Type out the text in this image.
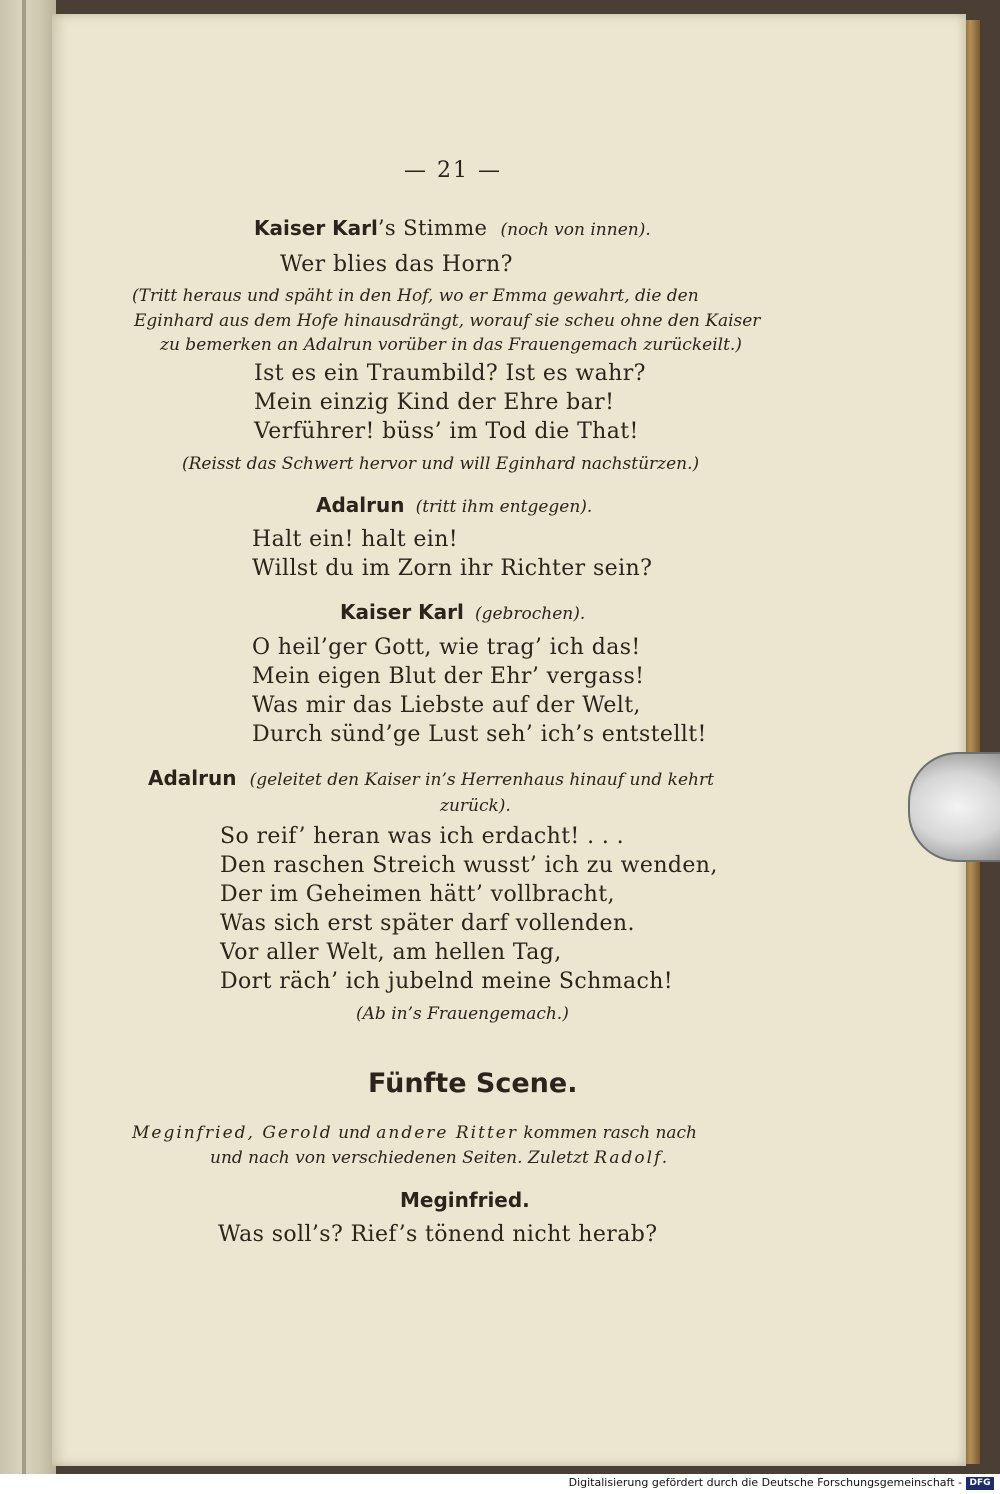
— 21 —
Kaiser Karl’s Stimme (noch von innen).
Wer blies das Horn?
(Tritt heraus und späht in den Hof, wo er Emma gewahrt, die den
Eginhard aus dem Hofe hinausdrängt, worauf sie scheu ohne den Kaiser
zu bemerken an Adalrun vorüber in das Frauengemach zurückeilt.)
Ist es ein Traumbild? Ist es wahr?
Mein einzig Kind der Ehre bar!
Verführer! büss’ im Tod die That!
(Reisst das Schwert hervor und will Eginhard nachstürzen.)
Adalrun (tritt ihm entgegen).
Halt ein! halt ein!
Willst du im Zorn ihr Richter sein?
Kaiser Karl (gebrochen).
O heil’ger Gott, wie trag’ ich das!
Mein eigen Blut der Ehr’ vergass!
Was mir das Liebste auf der Welt,
Durch sünd’ge Lust seh’ ich’s entstellt!
Adalrun (geleitet den Kaiser in’s Herrenhaus hinauf und kehrt
zurück).
So reif’ heran was ich erdacht! . . .
Den raschen Streich wusst’ ich zu wenden,
Der im Geheimen hätt’ vollbracht,
Was sich erst später darf vollenden.
Vor aller Welt, am hellen Tag,
Dort räch’ ich jubelnd meine Schmach!
(Ab in’s Frauengemach.)
Fünfte Scene.
Meginfried, Gerold und andere Ritter kommen rasch nach
und nach von verschiedenen Seiten. Zuletzt Radolf.
Meginfried.
Was soll’s? Rief’s tönend nicht herab?
Digitalisierung gefördert durch die Deutsche Forschungsgemeinschaft - DFG
